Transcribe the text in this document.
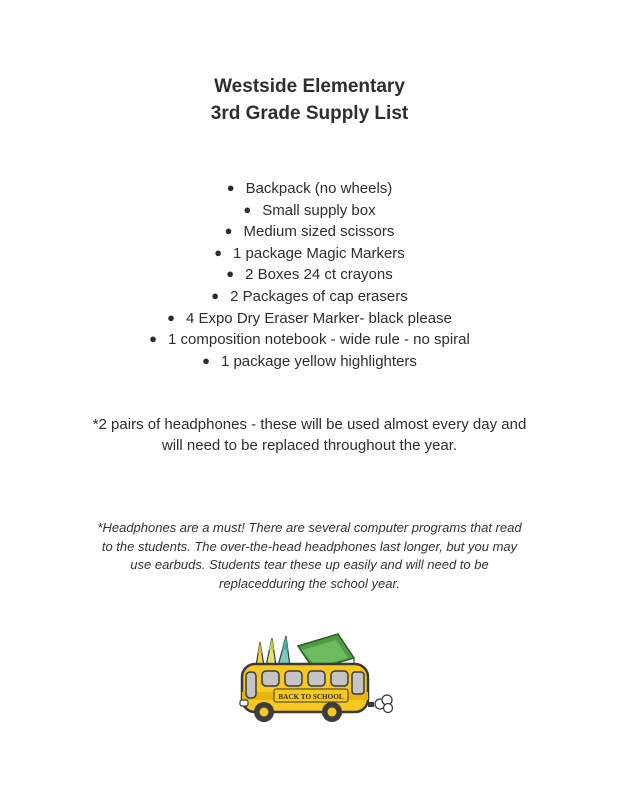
Westside Elementary
3rd Grade Supply List
● Backpack (no wheels)
● Small supply box
● Medium sized scissors
● 1 package Magic Markers
● 2 Boxes 24 ct crayons
● 2 Packages of cap erasers
● 4 Expo Dry Eraser Marker- black please
● 1 composition notebook - wide rule - no spiral
● 1 package yellow highlighters
*2 pairs of headphones - these will be used almost every day and
will need to be replaced throughout the year.
*Headphones are a must! There are several computer programs that read
to the students. The over-the-head headphones last longer, but you may
use earbuds. Students tear these up easily and will need to be
replacedduring the school year.
BACK TO SCHOOL
